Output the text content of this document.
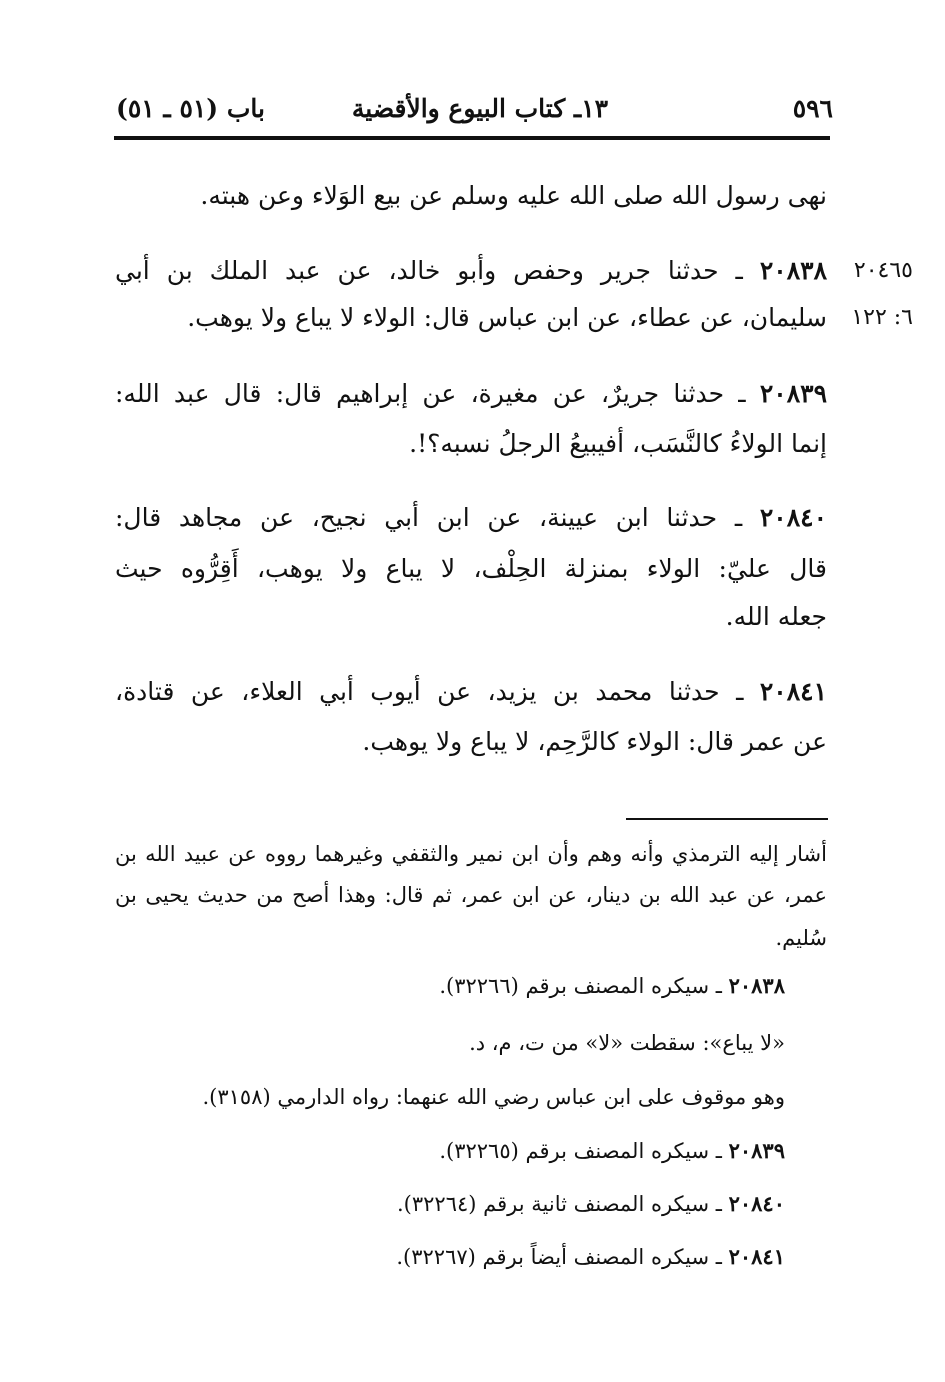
٥٩٦
١٣ـ كتاب البيوع والأقضية
باب (٥١ ـ ٥١)
نهى رسول الله صلى الله عليه وسلم عن بيع الوَلاء وعن هبته.
٢٠٤٦٥
٦: ١٢٢
٢٠٨٣٨ ـ حدثنا جرير وحفص وأبو خالد، عن عبد الملك بن أبي
سليمان، عن عطاء، عن ابن عباس قال: الولاء لا يباع ولا يوهب.
٢٠٨٣٩ ـ حدثنا جريرٌ، عن مغيرة، عن إبراهيم قال: قال عبد الله:
إنما الولاءُ كالنَّسَب، أفيبيعُ الرجلُ نسبه؟!.
٢٠٨٤٠ ـ حدثنا ابن عيينة، عن ابن أبي نجيح، عن مجاهد قال:
قال عليّ: الولاء بمنزلة الحِلْف، لا يباع ولا يوهب، أَقِرُّوه حيث
جعله الله.
٢٠٨٤١ ـ حدثنا محمد بن يزيد، عن أيوب أبي العلاء، عن قتادة،
عن عمر قال: الولاء كالرَّحِم، لا يباع ولا يوهب.
أشار إليه الترمذي وأنه وهم وأن ابن نمير والثقفي وغيرهما رووه عن عبيد الله بن
عمر، عن عبد الله بن دينار، عن ابن عمر، ثم قال: وهذا أصح من حديث يحيى بن
سُليم.
٢٠٨٣٨ ـ سيكره المصنف برقم (٣٢٢٦٦).
«لا يباع»: سقطت «لا» من ت، م، د.
وهو موقوف على ابن عباس رضي الله عنهما: رواه الدارمي (٣١٥٨).
٢٠٨٣٩ ـ سيكره المصنف برقم (٣٢٢٦٥).
٢٠٨٤٠ ـ سيكره المصنف ثانية برقم (٣٢٢٦٤).
٢٠٨٤١ ـ سيكره المصنف أيضاً برقم (٣٢٢٦٧).
